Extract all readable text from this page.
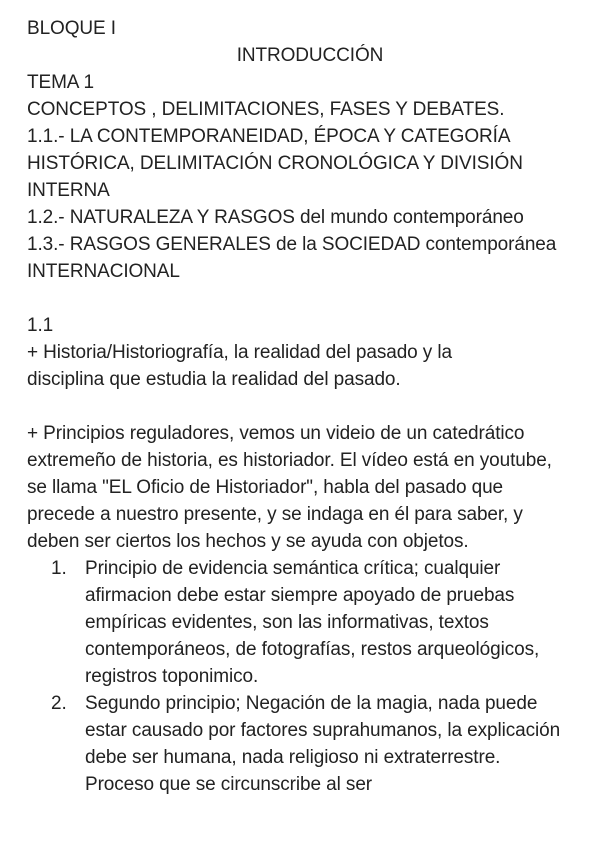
BLOQUE I
INTRODUCCIÓN
TEMA 1
CONCEPTOS , DELIMITACIONES, FASES Y DEBATES.
1.1.- LA CONTEMPORANEIDAD, ÉPOCA Y CATEGORÍA HISTÓRICA, DELIMITACIÓN CRONOLÓGICA Y DIVISIÓN INTERNA
1.2.- NATURALEZA Y RASGOS del mundo contemporáneo
1.3.- RASGOS GENERALES de la SOCIEDAD contemporánea INTERNACIONAL
1.1
+ Historia/Historiografía, la realidad del pasado y la disciplina que estudia la realidad del pasado.
+ Principios reguladores, vemos un videio de un catedrático extremeño de historia, es historiador. El vídeo está en youtube, se llama "EL Oficio de Historiador", habla del pasado que precede a nuestro presente, y se indaga en él para saber, y deben ser ciertos los hechos y se ayuda con objetos.
1. Principio de evidencia semántica crítica; cualquier afirmacion debe estar siempre apoyado de pruebas empíricas evidentes, son las informativas, textos contemporáneos, de fotografías, restos arqueológicos, registros toponimico.
2. Segundo principio; Negación de la magia, nada puede estar causado por factores suprahumanos, la explicación debe ser humana, nada religioso ni extraterrestre. Proceso que se circunscribe al ser
